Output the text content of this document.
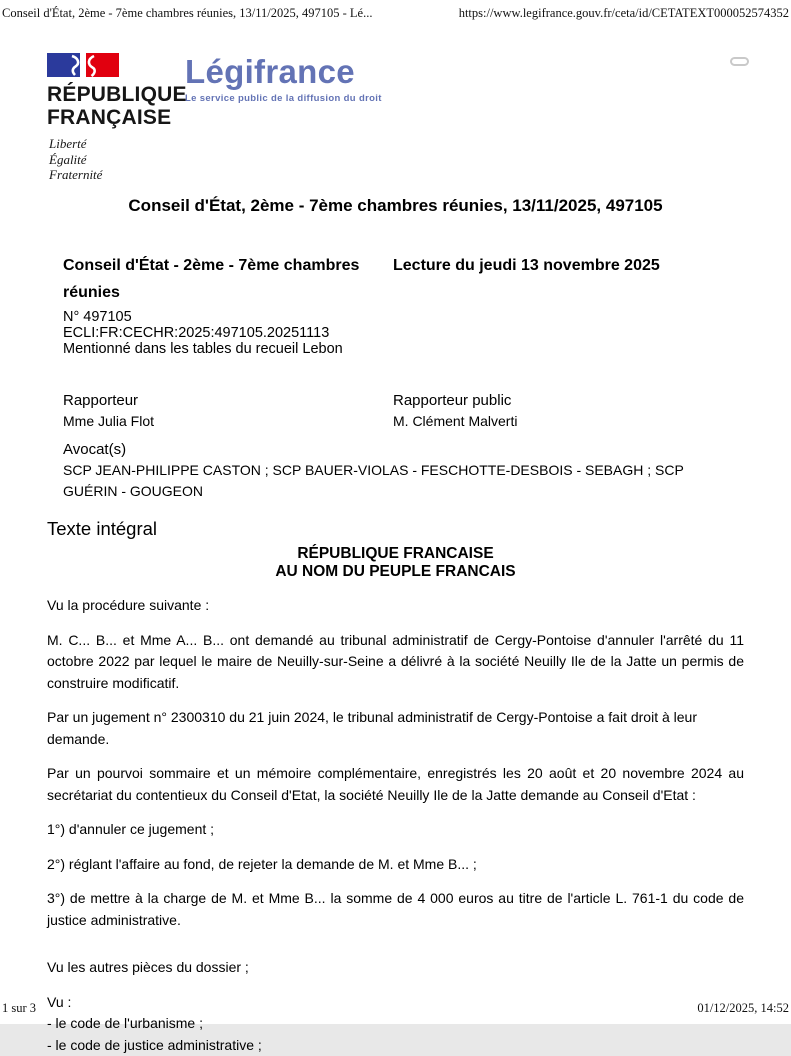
Conseil d'État, 2ème - 7ème chambres réunies, 13/11/2025, 497105 - Lé...	https://www.legifrance.gouv.fr/ceta/id/CETATEXT000052574352
RÉPUBLIQUE
FRANÇAISE
Liberté
Égalité
Fraternité
Légifrance
Le service public de la diffusion du droit
Conseil d'État, 2ème - 7ème chambres réunies, 13/11/2025, 497105
Conseil d'État - 2ème - 7ème chambres réunies
Lecture du jeudi 13 novembre 2025
N° 497105
ECLI:FR:CECHR:2025:497105.20251113
Mentionné dans les tables du recueil Lebon
Rapporteur
Mme Julia Flot
Rapporteur public
M. Clément Malverti
Avocat(s)
SCP JEAN-PHILIPPE CASTON ; SCP BAUER-VIOLAS - FESCHOTTE-DESBOIS - SEBAGH ; SCP GUÉRIN - GOUGEON
Texte intégral
RÉPUBLIQUE FRANCAISE
AU NOM DU PEUPLE FRANCAIS

Vu la procédure suivante :

M. C... B... et Mme A... B... ont demandé au tribunal administratif de Cergy-Pontoise d'annuler l'arrêté du 11 octobre 2022 par lequel le maire de Neuilly-sur-Seine a délivré à la société Neuilly Ile de la Jatte un permis de construire modificatif.

Par un jugement n° 2300310 du 21 juin 2024, le tribunal administratif de Cergy-Pontoise a fait droit à leur demande.

Par un pourvoi sommaire et un mémoire complémentaire, enregistrés les 20 août et 20 novembre 2024 au secrétariat du contentieux du Conseil d'Etat, la société Neuilly Ile de la Jatte demande au Conseil d'Etat :

1°) d'annuler ce jugement ;

2°) réglant l'affaire au fond, de rejeter la demande de M. et Mme B... ;

3°) de mettre à la charge de M. et Mme B... la somme de 4 000 euros au titre de l'article L. 761-1 du code de justice administrative.

Vu les autres pièces du dossier ;

Vu :

- le code de l'urbanisme ;

- le code de justice administrative ;

1 sur 3	01/12/2025, 14:52
